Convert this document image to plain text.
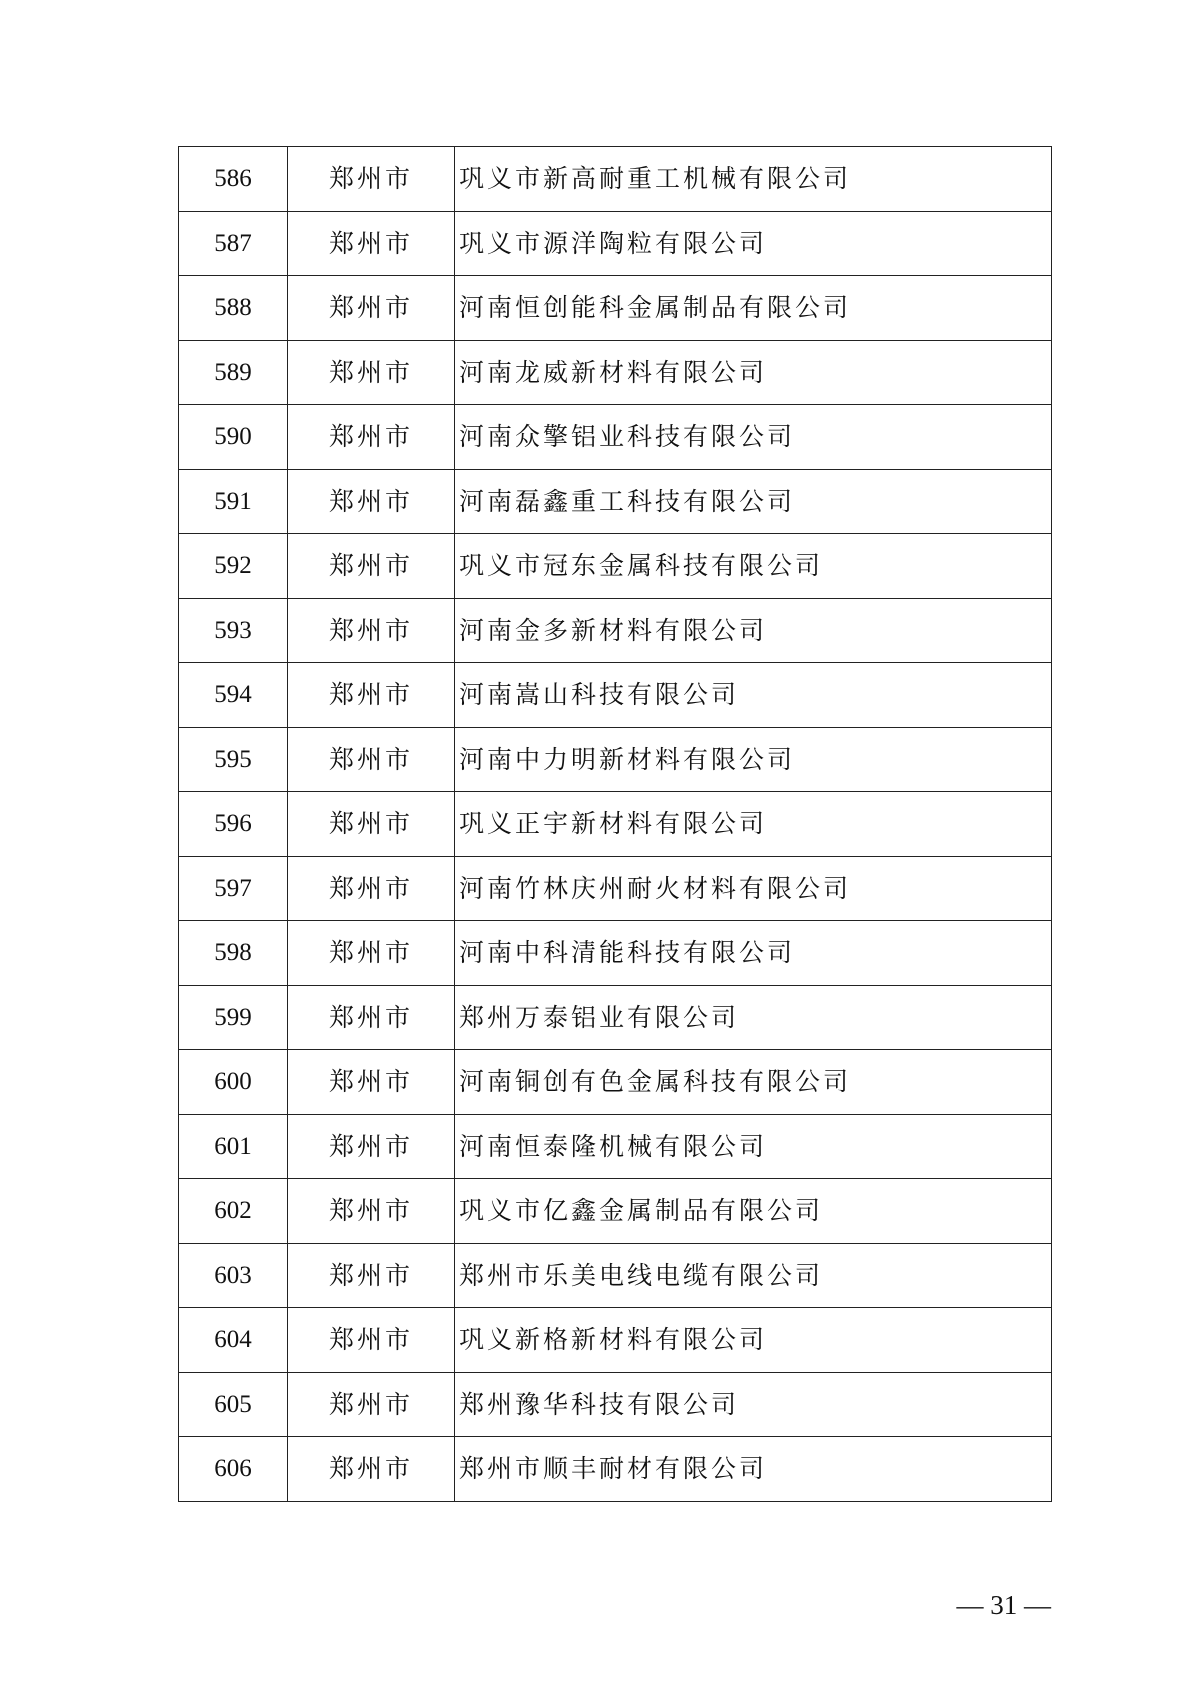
586	郑州市	巩义市新高耐重工机械有限公司
587	郑州市	巩义市源洋陶粒有限公司
588	郑州市	河南恒创能科金属制品有限公司
589	郑州市	河南龙威新材料有限公司
590	郑州市	河南众擎铝业科技有限公司
591	郑州市	河南磊鑫重工科技有限公司
592	郑州市	巩义市冠东金属科技有限公司
593	郑州市	河南金多新材料有限公司
594	郑州市	河南嵩山科技有限公司
595	郑州市	河南中力明新材料有限公司
596	郑州市	巩义正宇新材料有限公司
597	郑州市	河南竹林庆州耐火材料有限公司
598	郑州市	河南中科清能科技有限公司
599	郑州市	郑州万泰铝业有限公司
600	郑州市	河南铜创有色金属科技有限公司
601	郑州市	河南恒泰隆机械有限公司
602	郑州市	巩义市亿鑫金属制品有限公司
603	郑州市	郑州市乐美电线电缆有限公司
604	郑州市	巩义新格新材料有限公司
605	郑州市	郑州豫华科技有限公司
606	郑州市	郑州市顺丰耐材有限公司
— 31 —
